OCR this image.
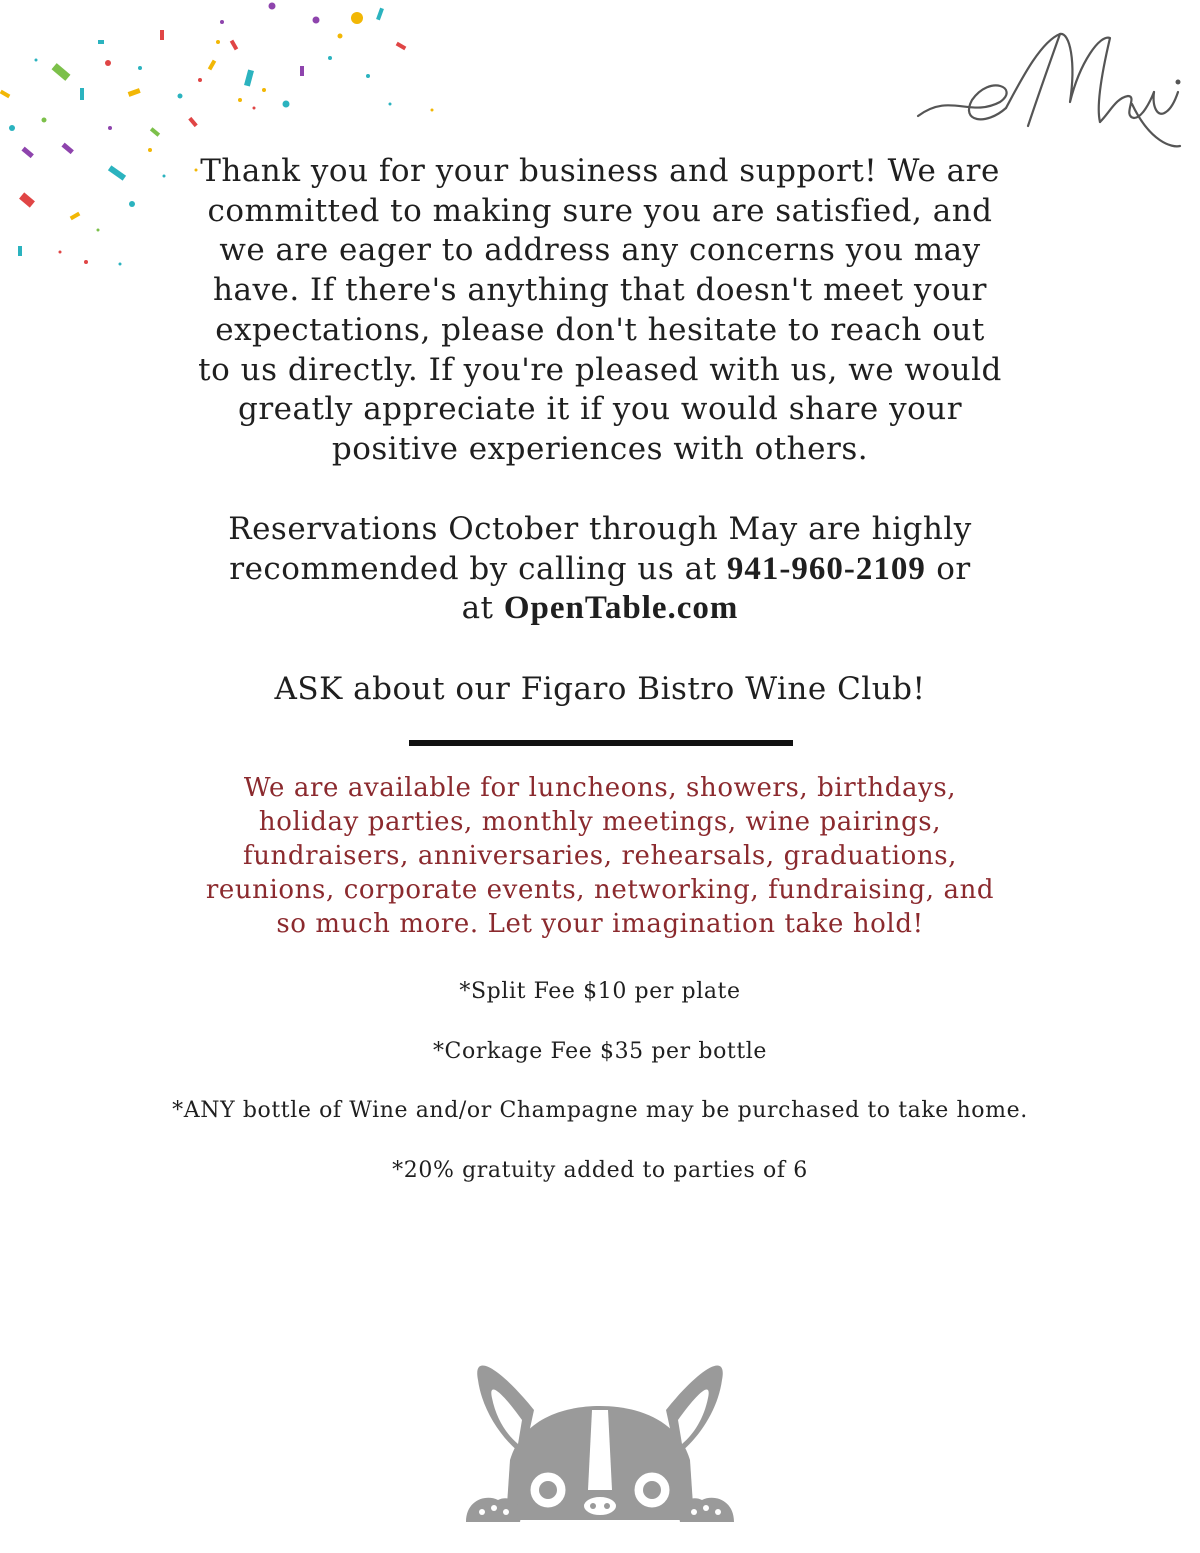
Thank you for your business and support! We are committed to making sure you are satisfied, and we are eager to address any concerns you may have. If there's anything that doesn't meet your expectations, please don't hesitate to reach out to us directly. If you're pleased with us, we would greatly appreciate it if you would share your positive experiences with others.

Reservations October through May are highly
recommended by calling us at 941-960-2109 or
at OpenTable.com
ASK about our Figaro Bistro Wine Club!
We are available for luncheons, showers, birthdays, holiday parties, monthly meetings, wine pairings, fundraisers, anniversaries, rehearsals, graduations, reunions, corporate events, networking, fundraising, and so much more. Let your imagination take hold!
*Split Fee $10 per plate
*Corkage Fee $35 per bottle
*ANY bottle of Wine and/or Champagne may be purchased to take home.
*20% gratuity added to parties of 6
